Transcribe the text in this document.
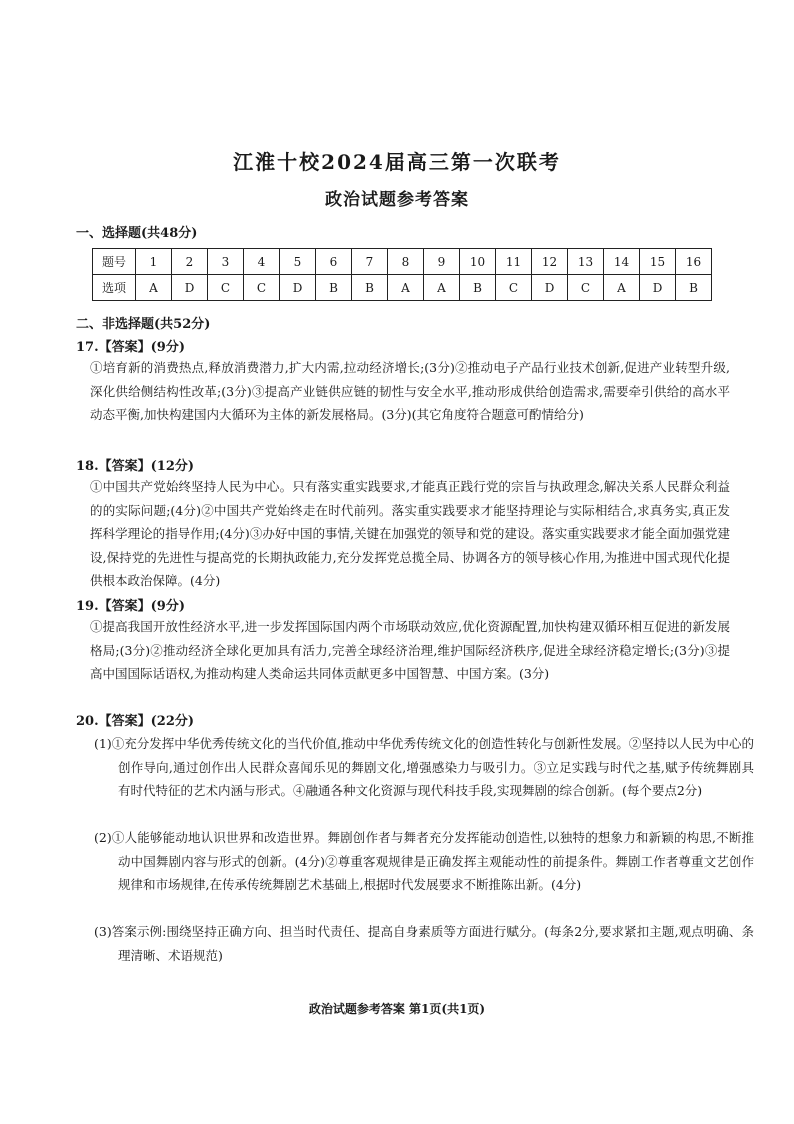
江淮十校2024届高三第一次联考
政治试题参考答案
一、选择题(共48分)
题号	1	2	3	4	5	6	7	8	9	10	11	12	13	14	15	16
选项	A	D	C	C	D	B	B	A	A	B	C	D	C	A	D	B
二、非选择题(共52分)
17.【答案】(9分)
①培育新的消费热点,释放消费潜力,扩大内需,拉动经济增长;(3分)②推动电子产品行业技术创新,促进产业转型升级,深化供给侧结构性改革;(3分)③提高产业链供应链的韧性与安全水平,推动形成供给创造需求,需要牵引供给的高水平动态平衡,加快构建国内大循环为主体的新发展格局。(3分)(其它角度符合题意可酌情给分)
18.【答案】(12分)
①中国共产党始终坚持人民为中心。只有落实重实践要求,才能真正践行党的宗旨与执政理念,解决关系人民群众利益的的实际问题;(4分)②中国共产党始终走在时代前列。落实重实践要求才能坚持理论与实际相结合,求真务实,真正发挥科学理论的指导作用;(4分)③办好中国的事情,关键在加强党的领导和党的建设。落实重实践要求才能全面加强党建设,保持党的先进性与提高党的长期执政能力,充分发挥党总揽全局、协调各方的领导核心作用,为推进中国式现代化提供根本政治保障。(4分)
19.【答案】(9分)
①提高我国开放性经济水平,进一步发挥国际国内两个市场联动效应,优化资源配置,加快构建双循环相互促进的新发展格局;(3分)②推动经济全球化更加具有活力,完善全球经济治理,维护国际经济秩序,促进全球经济稳定增长;(3分)③提高中国国际话语权,为推动构建人类命运共同体贡献更多中国智慧、中国方案。(3分)
20.【答案】(22分)
(1)①充分发挥中华优秀传统文化的当代价值,推动中华优秀传统文化的创造性转化与创新性发展。②坚持以人民为中心的创作导向,通过创作出人民群众喜闻乐见的舞剧文化,增强感染力与吸引力。③立足实践与时代之基,赋予传统舞剧具有时代特征的艺术内涵与形式。④融通各种文化资源与现代科技手段,实现舞剧的综合创新。(每个要点2分)
(2)①人能够能动地认识世界和改造世界。舞剧创作者与舞者充分发挥能动创造性,以独特的想象力和新颖的构思,不断推动中国舞剧内容与形式的创新。(4分)②尊重客观规律是正确发挥主观能动性的前提条件。舞剧工作者尊重文艺创作规律和市场规律,在传承传统舞剧艺术基础上,根据时代发展要求不断推陈出新。(4分)
(3)答案示例:围绕坚持正确方向、担当时代责任、提高自身素质等方面进行赋分。(每条2分,要求紧扣主题,观点明确、条理清晰、术语规范)
政治试题参考答案 第1页(共1页)
